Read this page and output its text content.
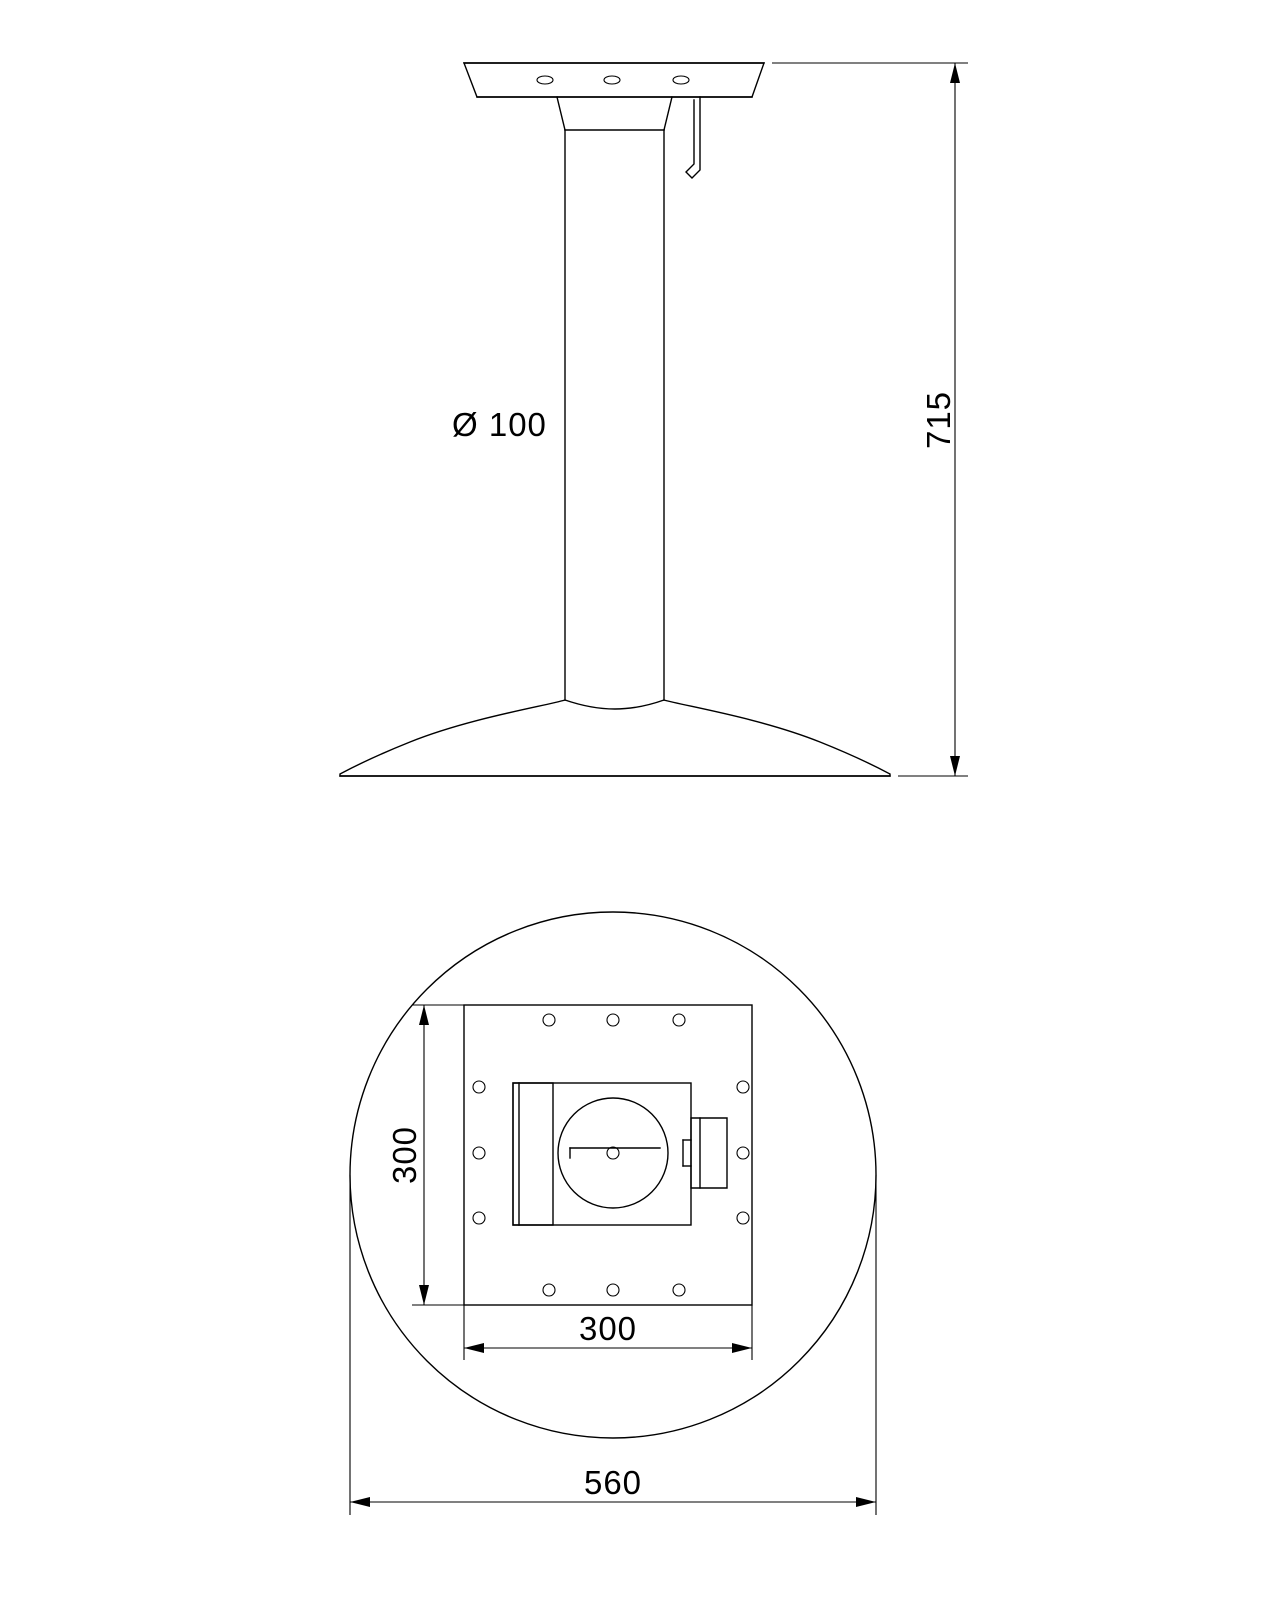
Ø 100	715
300
300
560
